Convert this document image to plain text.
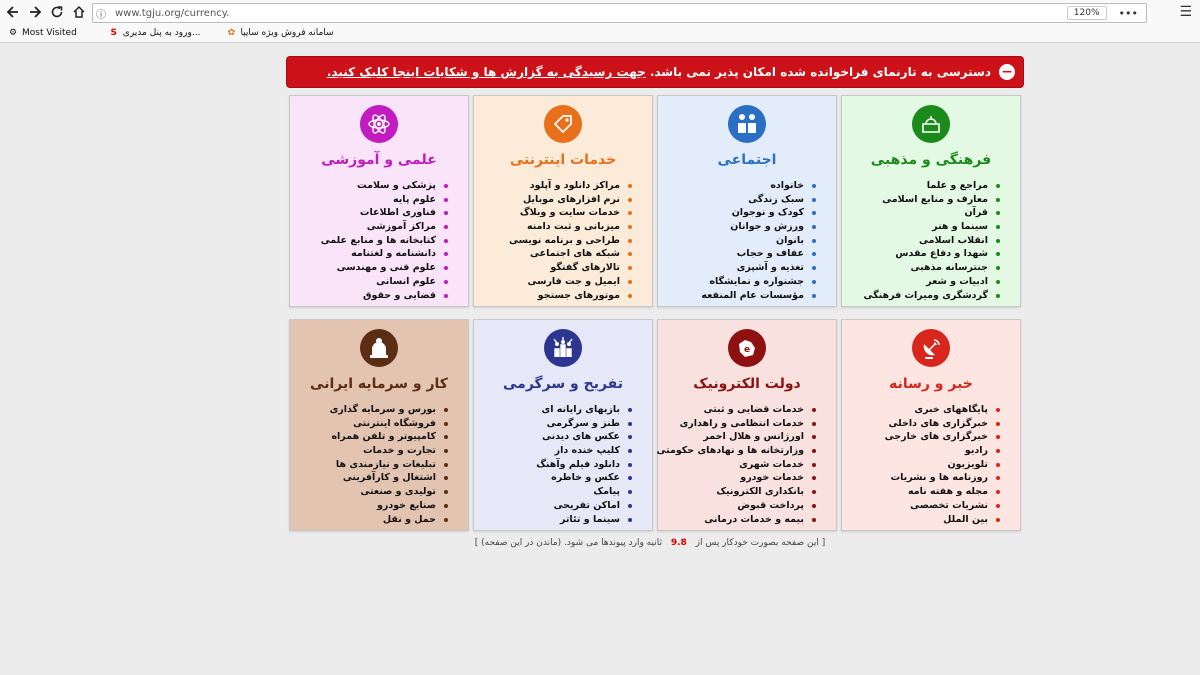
ⓘ www.tgju.org/currency.	120%	•••	☰
⚙ Most Visited	S ورود به پنل مدیری...	✿ سامانه فروش ویژه سایپا
−
دسترسی به تارنمای فراخوانده شده امکان پذیر نمی باشد.
جهت رسیدگی به گزارش ها و شکایات اینجا کلیک کنید.
فرهنگی و مذهبی
مراجع و علما
معارف و منابع اسلامی
قرآن
سینما و هنر
انقلاب اسلامی
شهدا و دفاع مقدس
جنترسانه مذهبی
ادبیات و شعر
گردشگری ومیراث فرهنگی
اجتماعی
خانواده
سبک زندگی
کودک و نوجوان
ورزش و جوانان
بانوان
عفاف و حجاب
تغذیه و آشپزی
جشنواره و نمایشگاه
مؤسسات عام المنفعه
خدمات اینترنتی
مراکز دانلود و آپلود
نرم افزارهای موبایل
خدمات سایت و وبلاگ
میزبانی و ثبت دامنه
طراحی و برنامه نویسی
شبکه های اجتماعی
تالارهای گفتگو
ایمیل و جت فارسی
موتورهای جستجو
علمی و آموزشی
پزشکی و سلامت
علوم پایه
فناوری اطلاعات
مراکز آموزشی
کتابخانه ها و منابع علمی
دانشنامه و لغتنامه
علوم فنی و مهندسی
علوم انسانی
قضایی و حقوق
خبر و رسانه
پایگاههای خبری
خبرگزاری های داخلی
خبرگزاری های خارجی
رادیو
تلویزیون
روزنامه ها و نشریات
مجله و هفته نامه
نشریات تخصصی
بین الملل
e
دولت الکترونیک
خدمات قضایی و ثبتی
خدمات انتظامی و راهداری
اورژانس و هلال احمر
وزارتخانه ها و نهادهای حکومتی
خدمات شهری
خدمات خودرو
بانکداری الکترونیک
پرداخت قبوض
بیمه و خدمات درمانی
تفریح و سرگرمی
بازیهای رایانه ای
طنز و سرگرمی
عکس های دیدنی
کلیپ خنده دار
دانلود فیلم وآهنگ
عکس و خاطره
پیامک
اماکن تفریحی
سینما و تئاتر
کار و سرمایه ایرانی
بورس و سرمایه گذاری
فروشگاه اینترنتی
کامپیوتر و تلفن همراه
تجارت و خدمات
تبلیغات و نیازمندی ها
اشتغال و کارآفرینی
تولیدی و صنعتی
صنایع خودرو
حمل و نقل
[ این صفحه بصورت خودکار پس از 9.8 ثانیه وارد پیوندها می شود. (ماندن در این صفحه) ]
